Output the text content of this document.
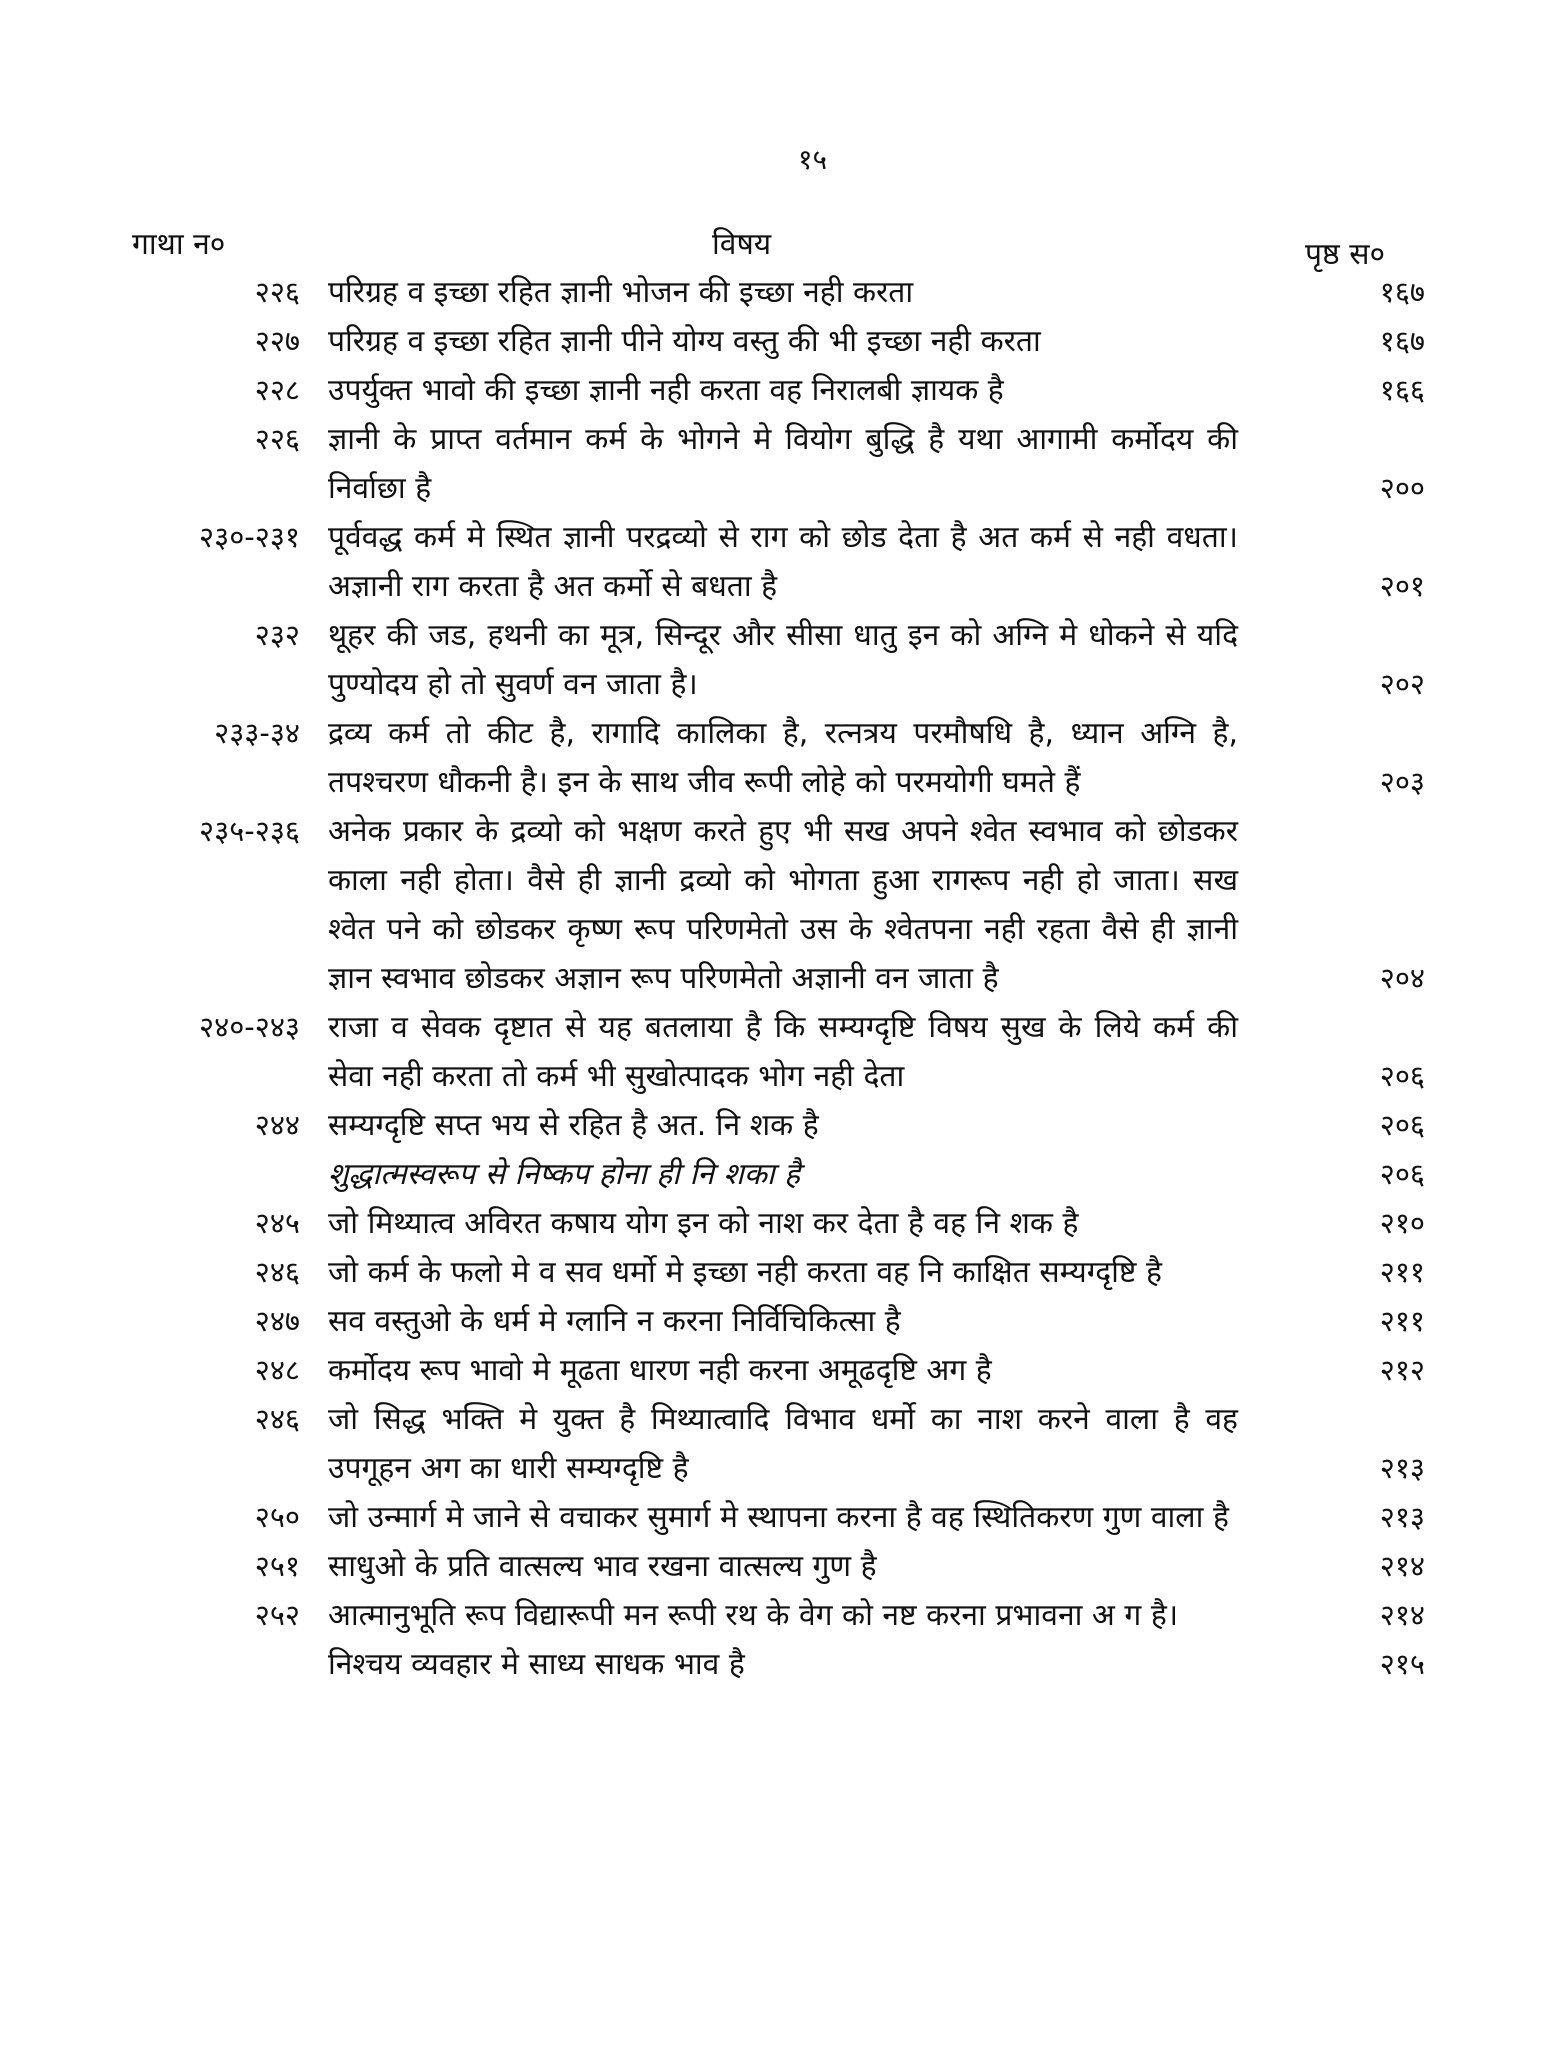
१५
गाथा न०	विषय	पृष्ठ स०
२२६ परिग्रह व इच्छा रहित ज्ञानी भोजन की इच्छा नही करता	१६७
२२७ परिग्रह व इच्छा रहित ज्ञानी पीने योग्य वस्तु की भी इच्छा नही करता	१६७
२२८ उपर्युक्त भावो की इच्छा ज्ञानी नही करता वह निरालबी ज्ञायक है	१६६
२२६ ज्ञानी के प्राप्त वर्तमान कर्म के भोगने मे वियोग बुद्धि है यथा आगामी कर्मोदय की निर्वाछा है	२००
२३०-२३१ पूर्ववद्ध कर्म मे स्थित ज्ञानी परद्रव्यो से राग को छोड देता है अत कर्म से नही वधता। अज्ञानी राग करता है अत कर्मो से बधता है	२०१
२३२ थूहर की जड, हथनी का मूत्र, सिन्दूर और सीसा धातु इन को अग्नि मे धोकने से यदि पुण्योदय हो तो सुवर्ण वन जाता है।	२०२
२३३-३४ द्रव्य कर्म तो कीट है, रागादि कालिका है, रत्नत्रय परमौषधि है, ध्यान अग्नि है, तपश्चरण धौकनी है। इन के साथ जीव रूपी लोहे को परमयोगी घमते हैं	२०३
२३५-२३६ अनेक प्रकार के द्रव्यो को भक्षण करते हुए भी सख अपने श्वेत स्वभाव को छोडकर काला नही होता। वैसे ही ज्ञानी द्रव्यो को भोगता हुआ रागरूप नही हो जाता। सख श्वेत पने को छोडकर कृष्ण रूप परिणमेतो उस के श्वेतपना नही रहता वैसे ही ज्ञानी ज्ञान स्वभाव छोडकर अज्ञान रूप परिणमेतो अज्ञानी वन जाता है	२०४
२४०-२४३ राजा व सेवक दृष्टात से यह बतलाया है कि सम्यग्दृष्टि विषय सुख के लिये कर्म की सेवा नही करता तो कर्म भी सुखोत्पादक भोग नही देता	२०६
२४४ सम्यग्दृष्टि सप्त भय से रहित है अत. नि शक है	२०६
शुद्धात्मस्वरूप से निष्कप होना ही नि शका है	२०६
२४५ जो मिथ्यात्व अविरत कषाय योग इन को नाश कर देता है वह नि शक है	२१०
२४६ जो कर्म के फलो मे व सव धर्मो मे इच्छा नही करता वह नि काक्षित सम्यग्दृष्टि है	२११
२४७ सव वस्तुओ के धर्म मे ग्लानि न करना निर्विचिकित्सा है	२११
२४८ कर्मोदय रूप भावो मे मूढता धारण नही करना अमूढदृष्टि अग है	२१२
२४६ जो सिद्ध भक्ति मे युक्त है मिथ्यात्वादि विभाव धर्मो का नाश करने वाला है वह उपगूहन अग का धारी सम्यग्दृष्टि है	२१३
२५० जो उन्मार्ग मे जाने से वचाकर सुमार्ग मे स्थापना करना है वह स्थितिकरण गुण वाला है	२१३
२५१ साधुओ के प्रति वात्सल्य भाव रखना वात्सल्य गुण है	२१४
२५२ आत्मानुभूति रूप विद्यारूपी मन रूपी रथ के वेग को नष्ट करना प्रभावना अ ग है।	२१४
निश्चय व्यवहार मे साध्य साधक भाव है	२१५
